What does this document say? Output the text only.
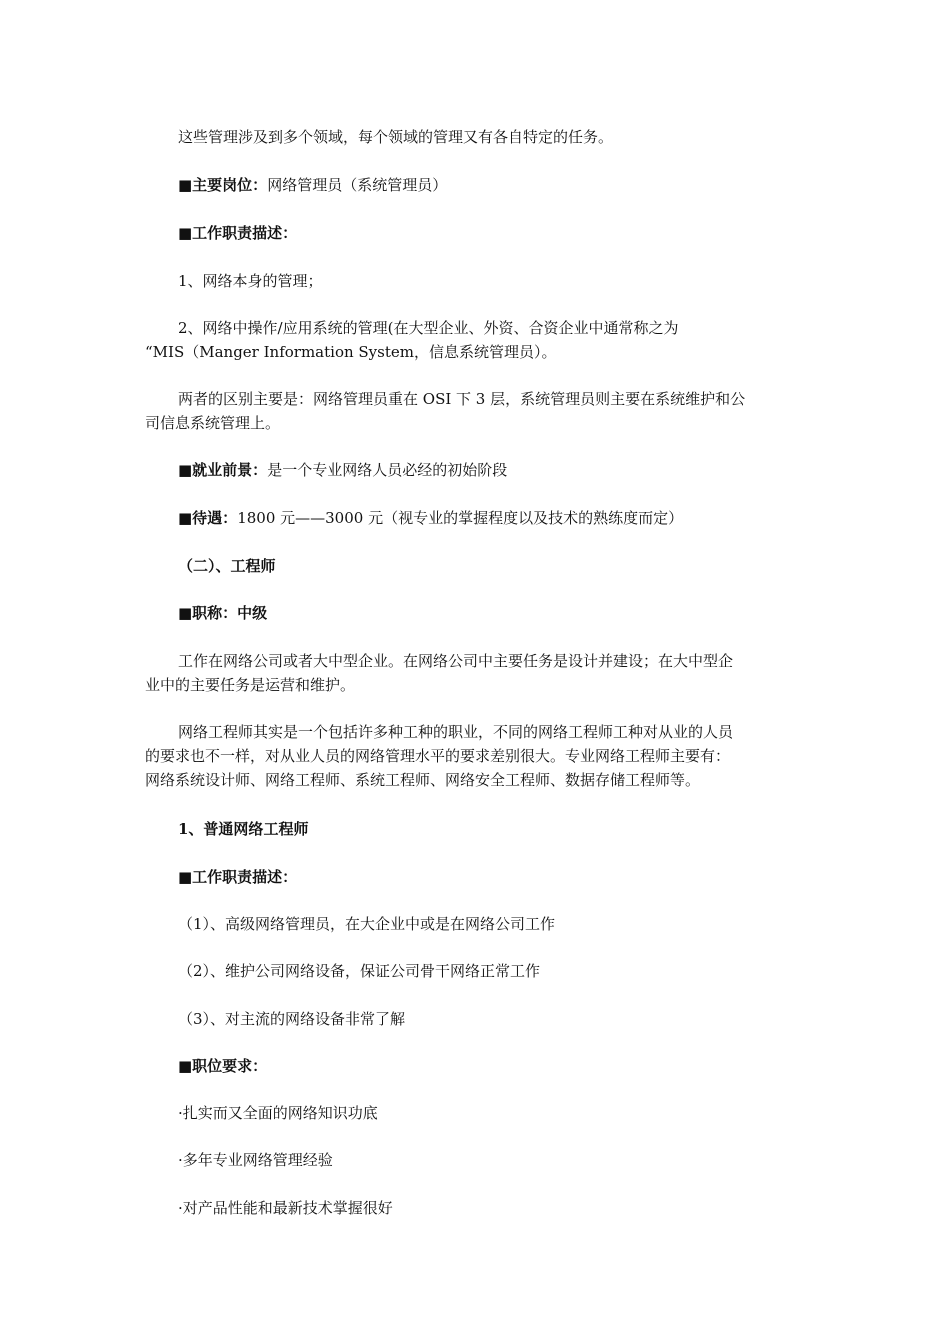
这些管理涉及到多个领域，每个领域的管理又有各自特定的任务。
■主要岗位：网络管理员（系统管理员）
■工作职责描述：
1、网络本身的管理；
2、网络中操作/应用系统的管理(在大型企业、外资、合资企业中通常称之为
“MIS（Manger Information System，信息系统管理员）。
两者的区别主要是：网络管理员重在 OSI 下 3 层，系统管理员则主要在系统维护和公
司信息系统管理上。
■就业前景：是一个专业网络人员必经的初始阶段
■待遇：1800 元——3000 元（视专业的掌握程度以及技术的熟练度而定）
（二）、工程师
■职称：中级
工作在网络公司或者大中型企业。在网络公司中主要任务是设计并建设；在大中型企
业中的主要任务是运营和维护。
网络工程师其实是一个包括许多种工种的职业，不同的网络工程师工种对从业的人员
的要求也不一样，对从业人员的网络管理水平的要求差别很大。专业网络工程师主要有：
网络系统设计师、网络工程师、系统工程师、网络安全工程师、数据存储工程师等。
1、普通网络工程师
■工作职责描述：
（1）、高级网络管理员，在大企业中或是在网络公司工作
（2）、维护公司网络设备，保证公司骨干网络正常工作
（3）、对主流的网络设备非常了解
■职位要求：
·扎实而又全面的网络知识功底
·多年专业网络管理经验
·对产品性能和最新技术掌握很好
